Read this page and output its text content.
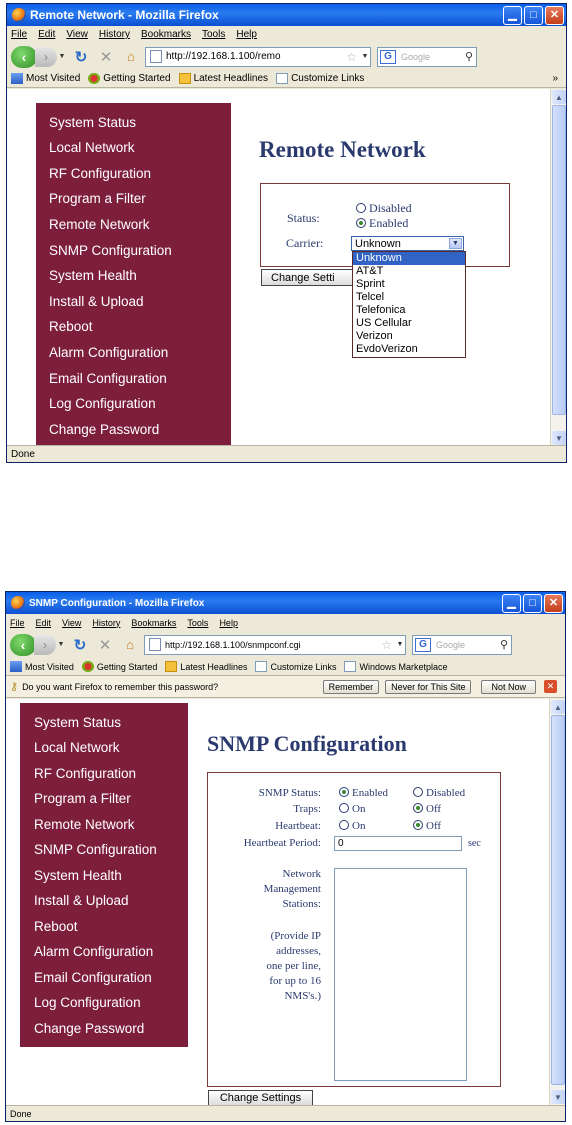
Remote Network - Mozilla Firefox	▁	□	✕
File Edit View History Bookmarks Tools Help
‹	›	▼ ↻ ✕	⌂	http://192.168.1.100/remo	☆ ▼	G	Google	⚲
Most Visited Getting Started Latest Headlines Customize Links	»
System Status
Local Network
RF Configuration
Program a Filter
Remote Network
SNMP Configuration
System Health
Install & Upload
Reboot
Alarm Configuration
Email Configuration
Log Configuration
Change Password
Remote Network
Status:
Disabled
Enabled
Carrier:	Unknown	▼
Change Setti
Unknown
AT&T
Sprint
Telcel
Telefonica
US Cellular
Verizon
EvdoVerizon
▲
▼
Done
SNMP Configuration - Mozilla Firefox	▁	□	✕
File Edit View History Bookmarks Tools Help
‹	›	▼ ↻ ✕	⌂	http://192.168.1.100/snmpconf.cgi	☆ ▼	G	Google	⚲
Most Visited	Getting Started	Latest Headlines	Customize Links	Windows Marketplace
⚷ Do you want Firefox to remember this password?	Remember	Never for This Site	Not Now	✕
System Status
Local Network
RF Configuration
Program a Filter
Remote Network
SNMP Configuration
System Health
Install & Upload
Reboot
Alarm Configuration
Email Configuration
Log Configuration
Change Password
SNMP Configuration
SNMP Status:	Enabled	Disabled
Traps:	On	Off
Heartbeat:	On	Off
Heartbeat Period: 0	sec
Network
Management
Stations:
(Provide IP
addresses,
one per line,
for up to 16
NMS's.)
Change Settings
▲
▼
Done
